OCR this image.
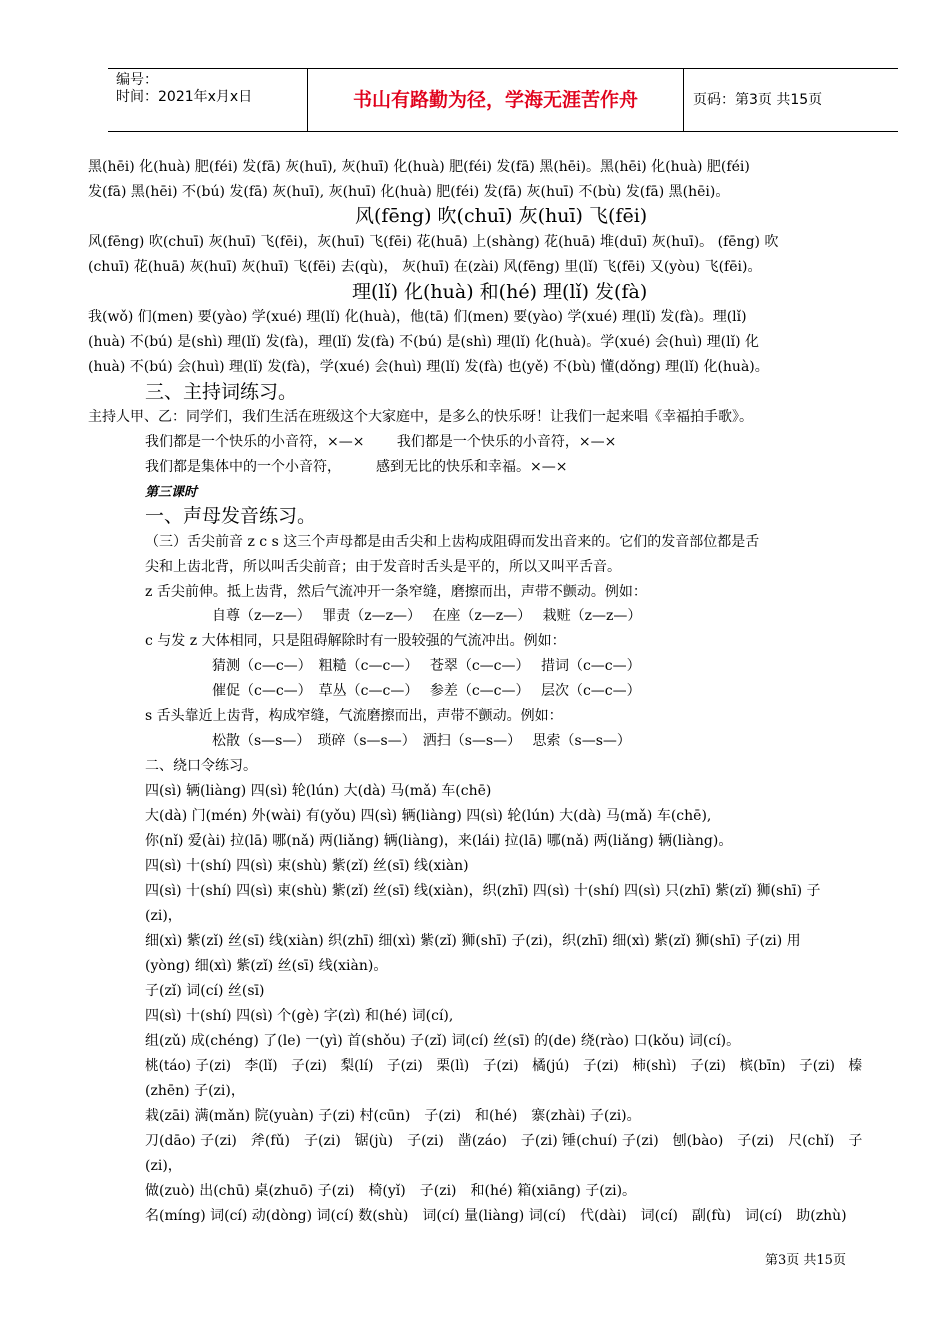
编号：
时间：2021年x月x日	书山有路勤为径，学海无涯苦作舟	页码：第3页 共15页
黑(hēi) 化(huà) 肥(féi) 发(fā) 灰(huī), 灰(huī) 化(huà) 肥(féi) 发(fā) 黑(hēi)。黑(hēi) 化(huà) 肥(féi)
发(fā) 黑(hēi) 不(bú) 发(fā) 灰(huī), 灰(huī) 化(huà) 肥(féi) 发(fā) 灰(huī) 不(bù) 发(fā) 黑(hēi)。
风(fēng) 吹(chuī) 灰(huī) 飞(fēi)
风(fēng) 吹(chuī) 灰(huī) 飞(fēi)，灰(huī) 飞(fēi) 花(huā) 上(shàng) 花(huā) 堆(duī) 灰(huī)。 (fēng) 吹
(chuī) 花(huā) 灰(huī) 灰(huī) 飞(fēi) 去(qù)， 灰(huī) 在(zài) 风(fēng) 里(lǐ) 飞(fēi) 又(yòu) 飞(fēi)。
理(lǐ) 化(huà) 和(hé) 理(lǐ) 发(fà)
我(wǒ) 们(men) 要(yào) 学(xué) 理(lǐ) 化(huà)，他(tā) 们(men) 要(yào) 学(xué) 理(lǐ) 发(fà)。理(lǐ)
(huà) 不(bú) 是(shì) 理(lǐ) 发(fà)，理(lǐ) 发(fà) 不(bú) 是(shì) 理(lǐ) 化(huà)。学(xué) 会(huì) 理(lǐ) 化
(huà) 不(bú) 会(huì) 理(lǐ) 发(fà)，学(xué) 会(huì) 理(lǐ) 发(fà) 也(yě) 不(bù) 懂(dǒng) 理(lǐ) 化(huà)。
三、主持词练习。
主持人甲、乙：同学们，我们生活在班级这个大家庭中，是多么的快乐呀！让我们一起来唱《幸福拍手歌》。
我们都是一个快乐的小音符，×—×　　 我们都是一个快乐的小音符，×—×
我们都是集体中的一个小音符，　　　感到无比的快乐和幸福。×—×
第三课时
一、声母发音练习。
（三）舌尖前音 z c s 这三个声母都是由舌尖和上齿构成阻碍而发出音来的。它们的发音部位都是舌
尖和上齿北背，所以叫舌尖前音；由于发音时舌头是平的，所以又叫平舌音。
z 舌尖前伸。抵上齿背，然后气流冲开一条窄缝，磨擦而出，声带不颤动。例如：
自尊（z—z—）　 罪责（z—z—）　 在座（z—z—）　 栽赃（z—z—）
c 与发 z 大体相同，只是阻碍解除时有一股较强的气流冲出。例如：
猜测（c—c—）　粗糙（c—c—）　 苍翠（c—c—）　 措词（c—c—）
催促（c—c—）　草丛（c—c—）　 参差（c—c—）　 层次（c—c—）
s 舌头靠近上齿背，构成窄缝，气流磨擦而出，声带不颤动。例如：
松散（s—s—）　琐碎（s—s—）　洒扫（s—s—）　 思索（s—s—）
二、绕口令练习。
四(sì) 辆(liàng) 四(sì) 轮(lún) 大(dà) 马(mǎ) 车(chē)
大(dà) 门(mén) 外(wài) 有(yǒu) 四(sì) 辆(liàng) 四(sì) 轮(lún) 大(dà) 马(mǎ) 车(chē),
你(nǐ) 爱(ài) 拉(lā) 哪(nǎ) 两(liǎng) 辆(liàng)，来(lái) 拉(lā) 哪(nǎ) 两(liǎng) 辆(liàng)。
四(sì) 十(shí) 四(sì) 束(shù) 紫(zǐ) 丝(sī) 线(xiàn)
四(sì) 十(shí) 四(sì) 束(shù) 紫(zǐ) 丝(sī) 线(xiàn)，织(zhī) 四(sì) 十(shí) 四(sì) 只(zhī) 紫(zǐ) 狮(shī) 子
(zi)，
细(xì) 紫(zǐ) 丝(sī) 线(xiàn) 织(zhī) 细(xì) 紫(zǐ) 狮(shī) 子(zi)，织(zhī) 细(xì) 紫(zǐ) 狮(shī) 子(zi) 用
(yòng) 细(xì) 紫(zǐ) 丝(sī) 线(xiàn)。
子(zǐ) 词(cí) 丝(sī)
四(sì) 十(shí) 四(sì) 个(gè) 字(zì) 和(hé) 词(cí),
组(zǔ) 成(chéng) 了(le) 一(yì) 首(shǒu) 子(zǐ) 词(cí) 丝(sī) 的(de) 绕(rào) 口(kǒu) 词(cí)。
桃(táo) 子(zi)　李(lǐ)　子(zi)　梨(lí)　子(zi)　栗(lì)　子(zi)　橘(jú)　子(zi)　柿(shì)　子(zi)　槟(bīn)　子(zi)　榛
(zhēn) 子(zi)，
栽(zāi) 满(mǎn) 院(yuàn) 子(zi) 村(cūn)　子(zi)　和(hé)　寨(zhài) 子(zi)。
刀(dāo) 子(zi)　斧(fǔ)　子(zi)　锯(jù)　子(zi)　凿(záo)　子(zi) 锤(chuí) 子(zi)　刨(bào)　子(zi)　尺(chǐ)　子
(zi)，
做(zuò) 出(chū) 桌(zhuō) 子(zi)　椅(yǐ)　子(zi)　和(hé) 箱(xiāng) 子(zi)。
名(míng) 词(cí) 动(dòng) 词(cí) 数(shù)　词(cí) 量(liàng) 词(cí)　代(dài)　词(cí)　副(fù)　词(cí)　助(zhù)
第3页 共15页
